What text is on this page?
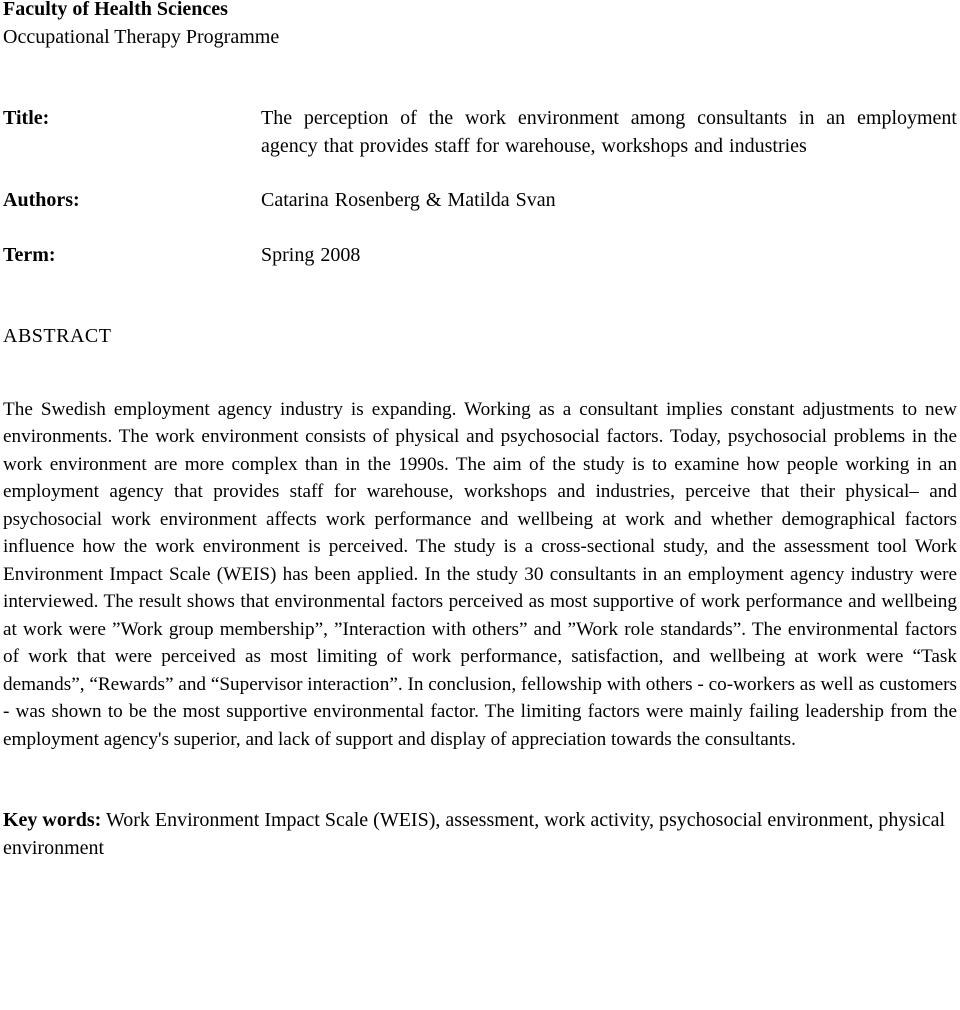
Faculty of Health Sciences
Occupational Therapy Programme
Title:	The perception of the work environment among consultants in an employment agency that provides staff for warehouse, workshops and industries
Authors:	Catarina Rosenberg & Matilda Svan
Term:	Spring 2008
ABSTRACT
The Swedish employment agency industry is expanding. Working as a consultant implies constant adjustments to new environments. The work environment consists of physical and psychosocial factors. Today, psychosocial problems in the work environment are more complex than in the 1990s. The aim of the study is to examine how people working in an employment agency that provides staff for warehouse, workshops and industries, perceive that their physical– and psychosocial work environment affects work performance and wellbeing at work and whether demographical factors influence how the work environment is perceived. The study is a cross-sectional study, and the assessment tool Work Environment Impact Scale (WEIS) has been applied. In the study 30 consultants in an employment agency industry were interviewed. The result shows that environmental factors perceived as most supportive of work performance and wellbeing at work were ”Work group membership”, ”Interaction with others” and ”Work role standards”. The environmental factors of work that were perceived as most limiting of work performance, satisfaction, and wellbeing at work were “Task demands”, “Rewards” and “Supervisor interaction”. In conclusion, fellowship with others - co-workers as well as customers - was shown to be the most supportive environmental factor. The limiting factors were mainly failing leadership from the employment agency's superior, and lack of support and display of appreciation towards the consultants.
Key words: Work Environment Impact Scale (WEIS), assessment, work activity, psychosocial environment, physical environment
